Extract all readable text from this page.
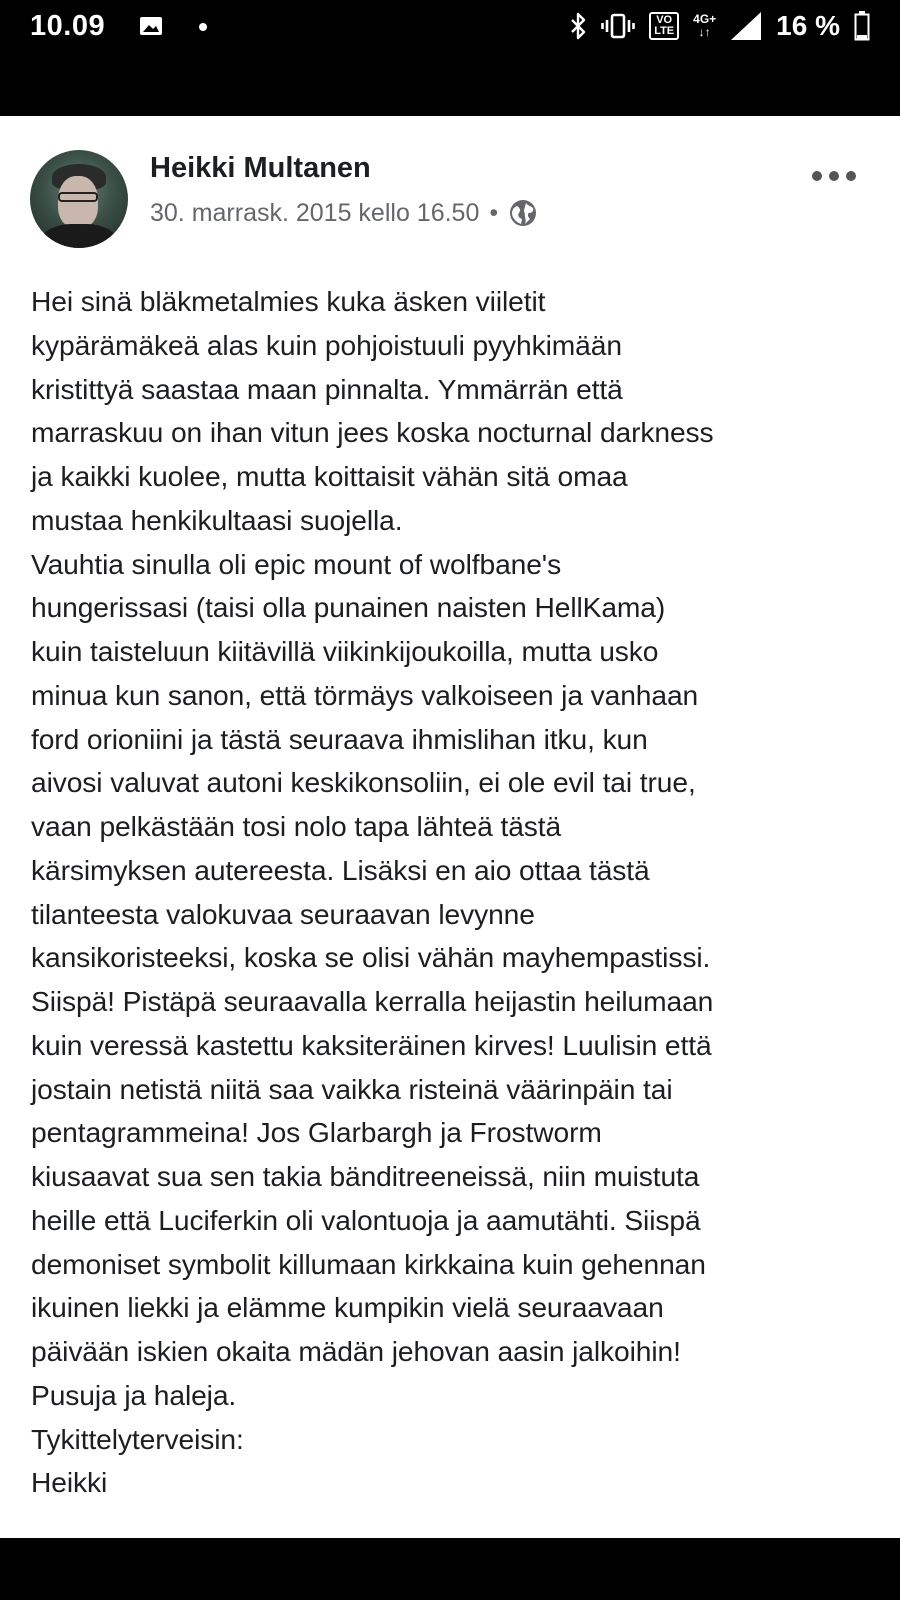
10.09	VO
LTE
4G+
↓↑ 16 %
Heikki Multanen
30. marrask. 2015 kello 16.50 •
Hei sinä bläkmetalmies kuka äsken viiletit
kypärämäkeä alas kuin pohjoistuuli pyyhkimään
kristittyä saastaa maan pinnalta. Ymmärrän että
marraskuu on ihan vitun jees koska nocturnal darkness
ja kaikki kuolee, mutta koittaisit vähän sitä omaa
mustaa henkikultaasi suojella.
Vauhtia sinulla oli epic mount of wolfbane's
hungerissasi (taisi olla punainen naisten HellKama)
kuin taisteluun kiitävillä viikinkijoukoilla, mutta usko
minua kun sanon, että törmäys valkoiseen ja vanhaan
ford orioniini ja tästä seuraava ihmislihan itku, kun
aivosi valuvat autoni keskikonsoliin, ei ole evil tai true,
vaan pelkästään tosi nolo tapa lähteä tästä
kärsimyksen autereesta. Lisäksi en aio ottaa tästä
tilanteesta valokuvaa seuraavan levynne
kansikoristeeksi, koska se olisi vähän mayhempastissi.
Siispä! Pistäpä seuraavalla kerralla heijastin heilumaan
kuin veressä kastettu kaksiteräinen kirves! Luulisin että
jostain netistä niitä saa vaikka risteinä väärinpäin tai
pentagrammeina! Jos Glarbargh ja Frostworm
kiusaavat sua sen takia bänditreeneissä, niin muistuta
heille että Luciferkin oli valontuoja ja aamutähti. Siispä
demoniset symbolit killumaan kirkkaina kuin gehennan
ikuinen liekki ja elämme kumpikin vielä seuraavaan
päivään iskien okaita mädän jehovan aasin jalkoihin!
Pusuja ja haleja.
Tykittelyterveisin:
Heikki
